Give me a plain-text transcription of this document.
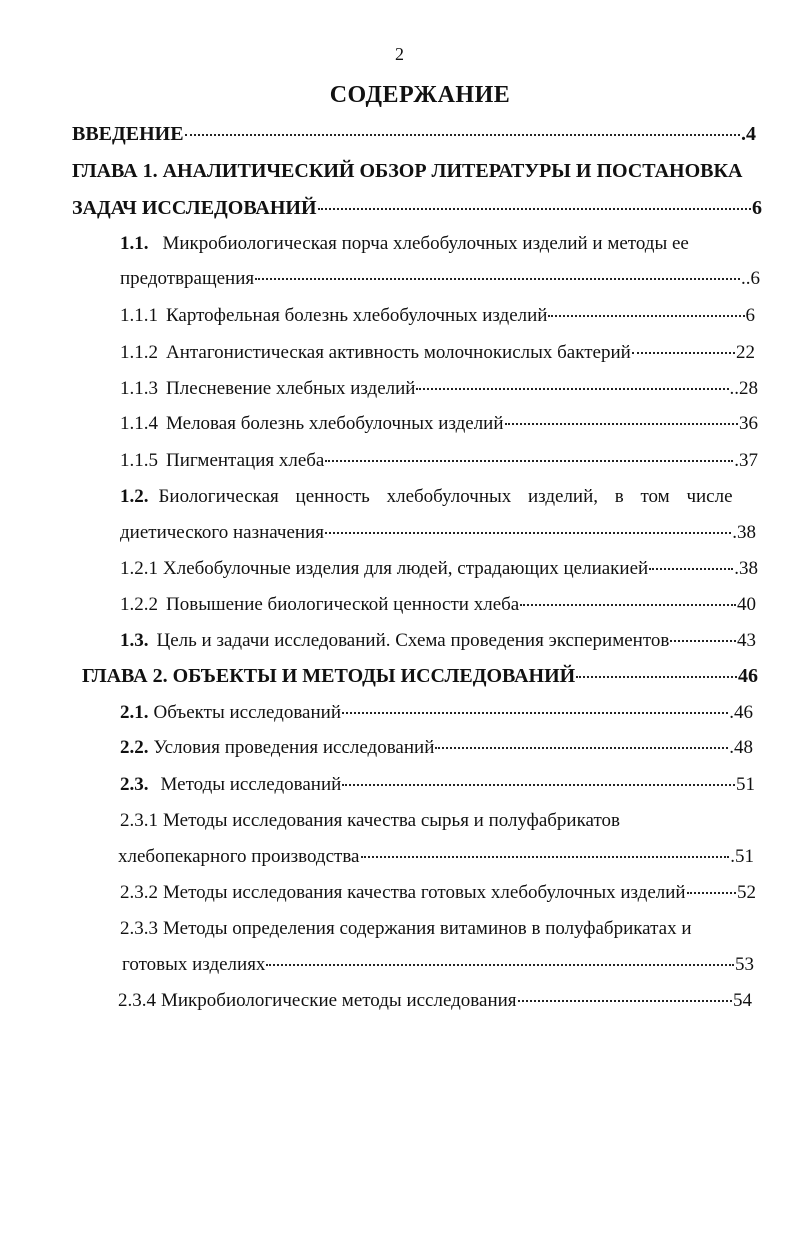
2
СОДЕРЖАНИЕ
ВВЕДЕНИЕ	.4
ГЛАВА 1. АНАЛИТИЧЕСКИЙ ОБЗОР ЛИТЕРАТУРЫ И ПОСТАНОВКА
ЗАДАЧ ИССЛЕДОВАНИЙ	6
1.1. Микробиологическая порча хлебобулочных изделий и методы ее
предотвращения	..6
1.1.1 Картофельная болезнь хлебобулочных изделий	6
1.1.2 Антагонистическая активность молочнокислых бактерий	22
1.1.3 Плесневение хлебных изделий	..28
1.1.4 Меловая болезнь хлебобулочных изделий	36
1.1.5 Пигментация хлеба	.37
1.2. Биологическая ценность хлебобулочных изделий, в том числе
диетического назначения	.38
1.2.1 Хлебобулочные изделия для людей, страдающих целиакией	.38
1.2.2 Повышение биологической ценности хлеба	40
1.3. Цель и задачи исследований. Схема проведения экспериментов	43
ГЛАВА 2. ОБЪЕКТЫ И МЕТОДЫ ИССЛЕДОВАНИЙ	46
2.1. Объекты исследований	.46
2.2. Условия проведения исследований	.48
2.3. Методы исследований	51
2.3.1 Методы исследования качества сырья и полуфабрикатов
хлебопекарного производства	.51
2.3.2 Методы исследования качества готовых хлебобулочных изделий	52
2.3.3 Методы определения содержания витаминов в полуфабрикатах и
готовых изделиях	53
2.3.4 Микробиологические методы исследования	54
